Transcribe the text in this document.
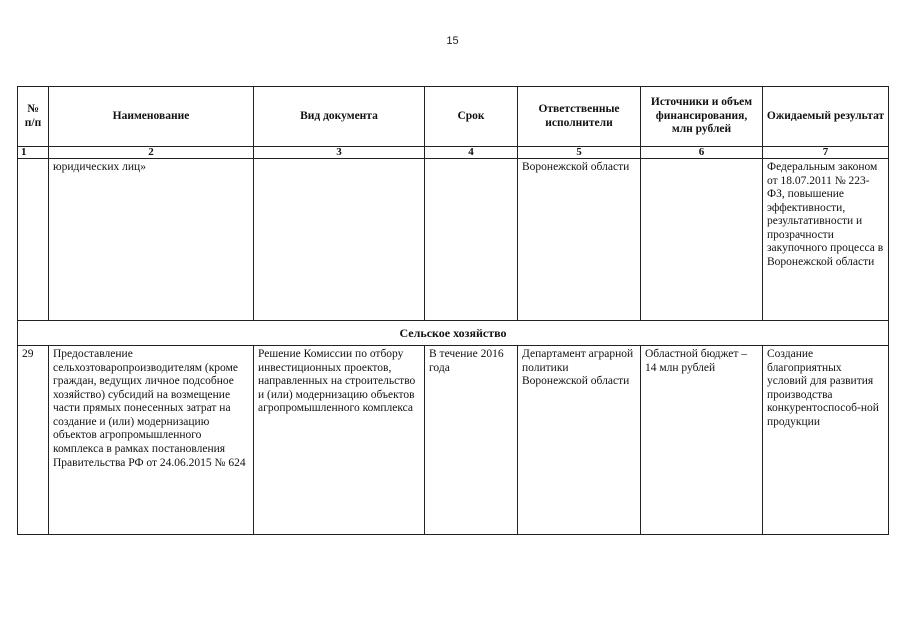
15
№ п/п	Наименование	Вид документа	Срок	Ответственные исполнители	Источники и объем финансирования, млн рублей	Ожидаемый результат
1	2	3	4	5	6	7
	юридических лиц»			Воронежской области		Федеральным законом от 18.07.2011 № 223-ФЗ, повышение эффективности, результативности и прозрачности закупочного процесса в Воронежской области
Сельское хозяйство						
29	Предоставление сельхозтоваропроизводителям (кроме граждан, ведущих личное подсобное хозяйство) субсидий на возмещение части прямых понесенных затрат на создание и (или) модернизацию объектов агропромышленного комплекса в рамках постановления Правительства РФ от 24.06.2015 № 624	Решение Комиссии по отбору инвестиционных проектов, направленных на строительство и (или) модернизацию объектов агропромышленного комплекса	В течение 2016 года	Департамент аграрной политики Воронежской области	Областной бюджет – 14 млн рублей	Создание благоприятных условий для развития производства конкурентоспособ-ной продукции
